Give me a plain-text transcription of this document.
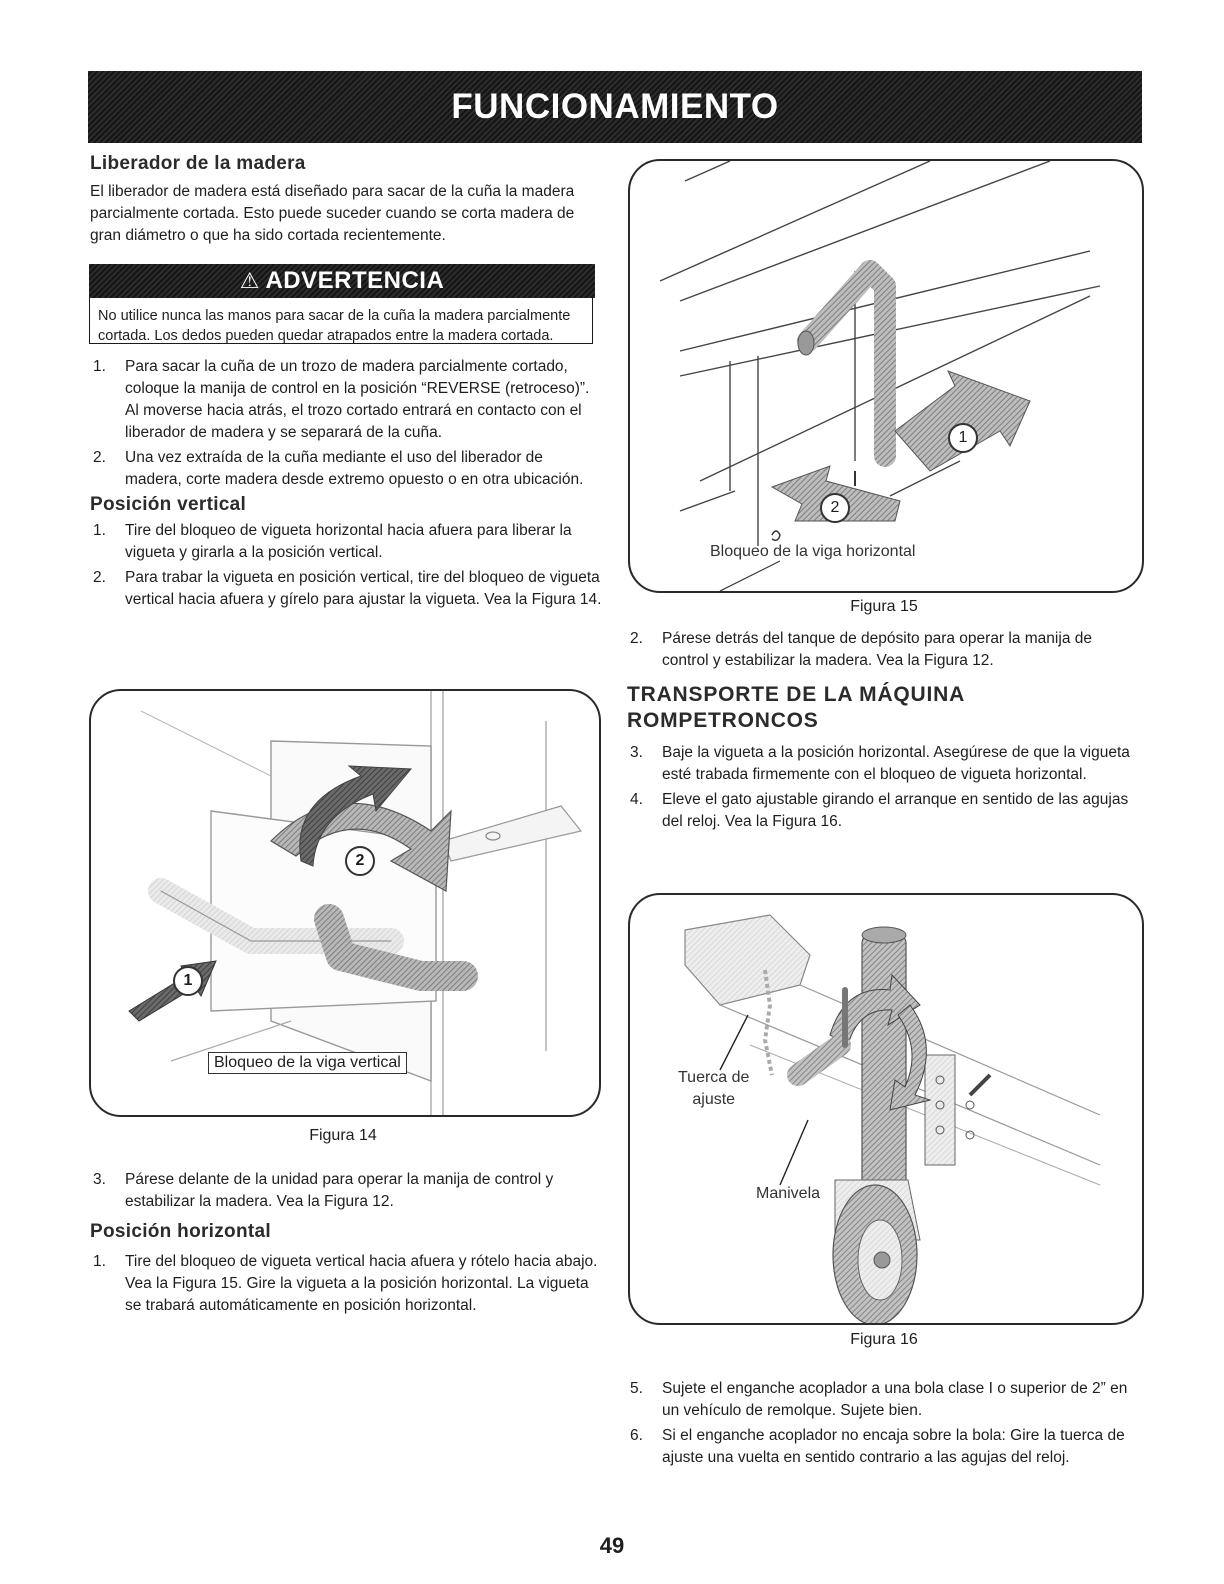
FUNCIONAMIENTO
Liberador de la madera

El liberador de madera está diseñado para sacar de la cuña la madera parcialmente cortada. Esto puede suceder cuando se corta madera de gran diámetro o que ha sido cortada recientemente.

⚠ ADVERTENCIA
No utilice nunca las manos para sacar de la cuña la madera parcialmente cortada. Los dedos pueden quedar atrapados entre la madera cortada.
1. Para sacar la cuña de un trozo de madera parcialmente cortado, coloque la manija de control en la posición “REVERSE (retroceso)”. Al moverse hacia atrás, el trozo cortado entrará en contacto con el liberador de madera y se separará de la cuña.
2. Una vez extraída de la cuña mediante el uso del liberador de madera, corte madera desde extremo opuesto o en otra ubicación.
Posición vertical
1. Tire del bloqueo de vigueta horizontal hacia afuera para liberar la vigueta y girarla a la posición vertical.
2. Para trabar la vigueta en posición vertical, tire del bloqueo de vigueta vertical hacia afuera y gírelo para ajustar la vigueta. Vea la Figura 14.
1
2
Bloqueo de la viga vertical
Figura 14
3. Párese delante de la unidad para operar la manija de control y estabilizar la madera. Vea la Figura 12.
Posición horizontal
1. Tire del bloqueo de vigueta vertical hacia afuera y rótelo hacia abajo. Vea la Figura 15. Gire la vigueta a la posición horizontal. La vigueta se trabará automáticamente en posición horizontal.
1
2
Bloqueo de la viga horizontal
Figura 15
2. Párese detrás del tanque de depósito para operar la manija de control y estabilizar la madera. Vea la Figura 12.
TRANSPORTE DE LA MÁQUINA
ROMPETRONCOS
3. Baje la vigueta a la posición horizontal. Asegúrese de que la vigueta esté trabada firmemente con el bloqueo de vigueta horizontal.
4. Eleve el gato ajustable girando el arranque en sentido de las agujas del reloj. Vea la Figura 16.
Tuerca de
ajuste
Manivela
Figura 16
5. Sujete el enganche acoplador a una bola clase I o superior de 2” en un vehículo de remolque. Sujete bien.
6. Si el enganche acoplador no encaja sobre la bola: Gire la tuerca de ajuste una vuelta en sentido contrario a las agujas del reloj.
49
